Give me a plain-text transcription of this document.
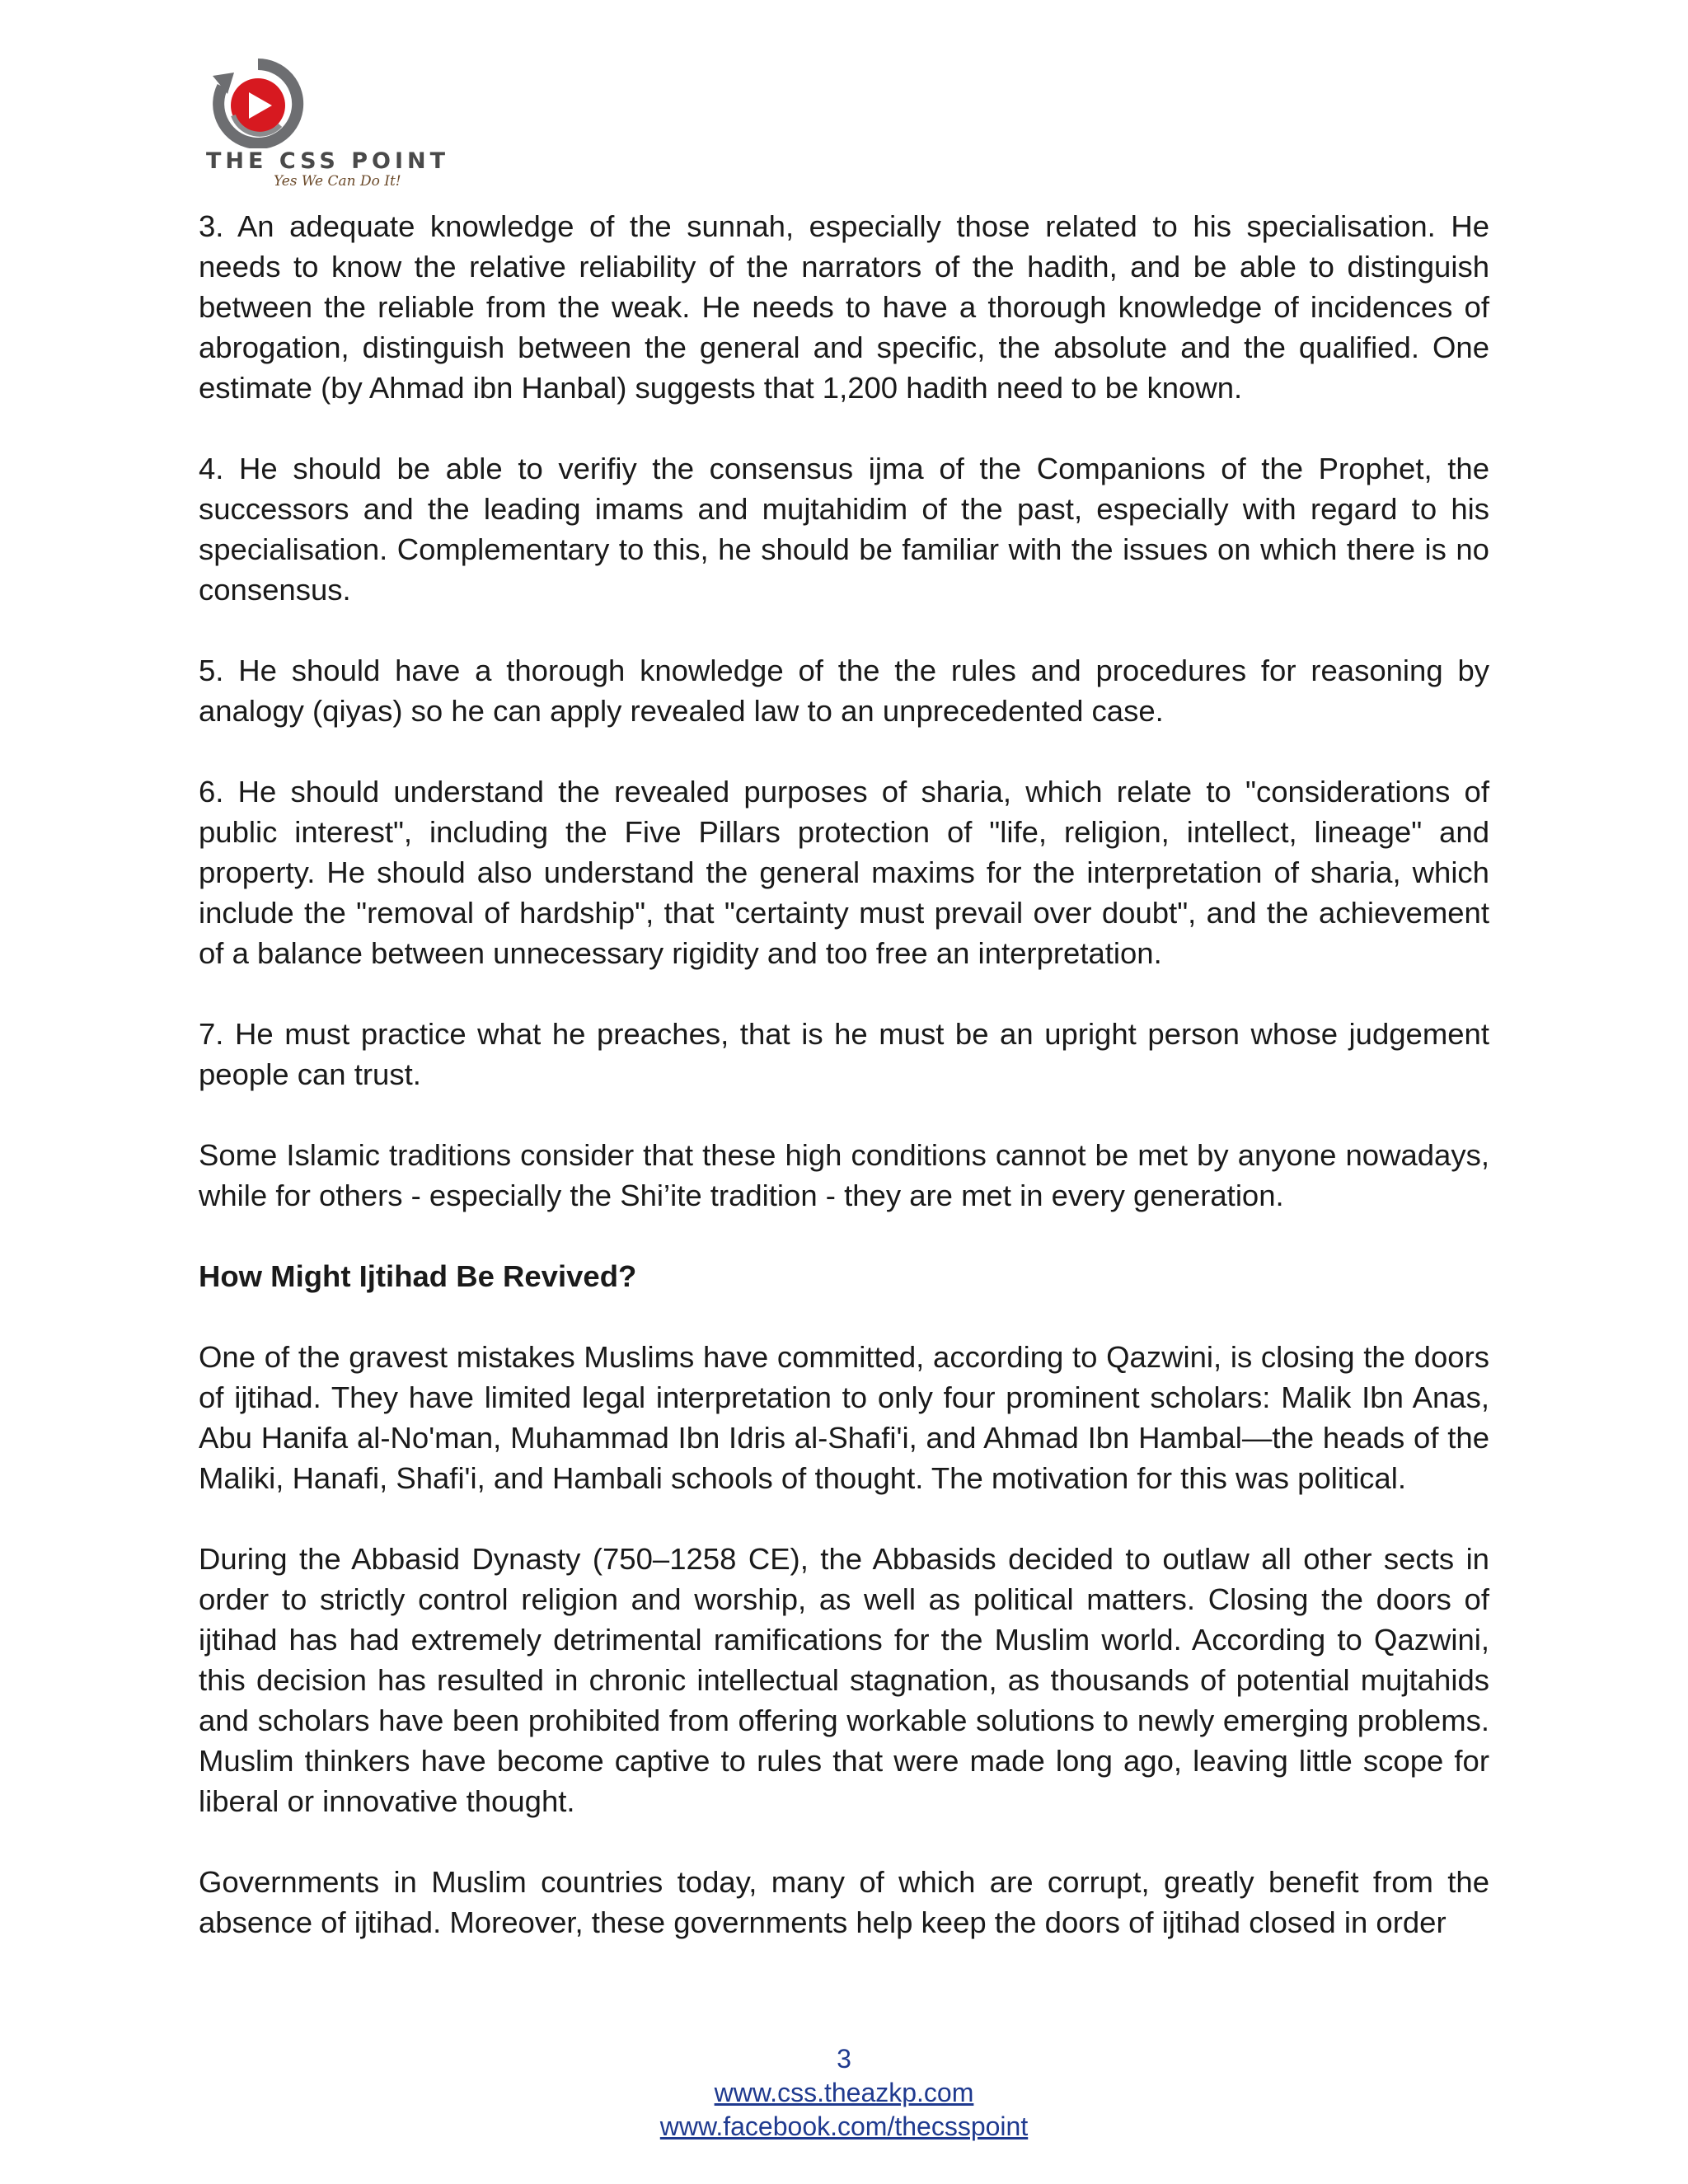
THE CSS POINT
Yes We Can Do It!

3. An adequate knowledge of the sunnah, especially those related to his specialisation. He needs to know the relative reliability of the narrators of the hadith, and be able to distinguish between the reliable from the weak. He needs to have a thorough knowledge of incidences of abrogation, distinguish between the general and specific, the absolute and the qualified. One estimate (by Ahmad ibn Hanbal) suggests that 1,200 hadith need to be known.

4. He should be able to verifiy the consensus ijma of the Companions of the Prophet, the successors and the leading imams and mujtahidim of the past, especially with regard to his specialisation. Complementary to this, he should be familiar with the issues on which there is no consensus.

5. He should have a thorough knowledge of the the rules and procedures for reasoning by analogy (qiyas) so he can apply revealed law to an unprecedented case.

6. He should understand the revealed purposes of sharia, which relate to "considerations of public interest", including the Five Pillars protection of "life, religion, intellect, lineage" and property. He should also understand the general maxims for the interpretation of sharia, which include the "removal of hardship", that "certainty must prevail over doubt", and the achievement of a balance between unnecessary rigidity and too free an interpretation.

7. He must practice what he preaches, that is he must be an upright person whose judgement people can trust.

Some Islamic traditions consider that these high conditions cannot be met by anyone nowadays, while for others - especially the Shi’ite tradition - they are met in every generation.

How Might Ijtihad Be Revived?

One of the gravest mistakes Muslims have committed, according to Qazwini, is closing the doors of ijtihad. They have limited legal interpretation to only four prominent scholars: Malik Ibn Anas, Abu Hanifa al-No'man, Muhammad Ibn Idris al-Shafi'i, and Ahmad Ibn Hambal—the heads of the Maliki, Hanafi, Shafi'i, and Hambali schools of thought. The motivation for this was political.

During the Abbasid Dynasty (750–1258 CE), the Abbasids decided to outlaw all other sects in order to strictly control religion and worship, as well as political matters. Closing the doors of ijtihad has had extremely detrimental ramifications for the Muslim world. According to Qazwini, this decision has resulted in chronic intellectual stagnation, as thousands of potential mujtahids and scholars have been prohibited from offering workable solutions to newly emerging problems. Muslim thinkers have become captive to rules that were made long ago, leaving little scope for liberal or innovative thought.

Governments in Muslim countries today, many of which are corrupt, greatly benefit from the absence of ijtihad. Moreover, these governments help keep the doors of ijtihad closed in order

3
www.css.theazkp.com
www.facebook.com/thecsspoint
